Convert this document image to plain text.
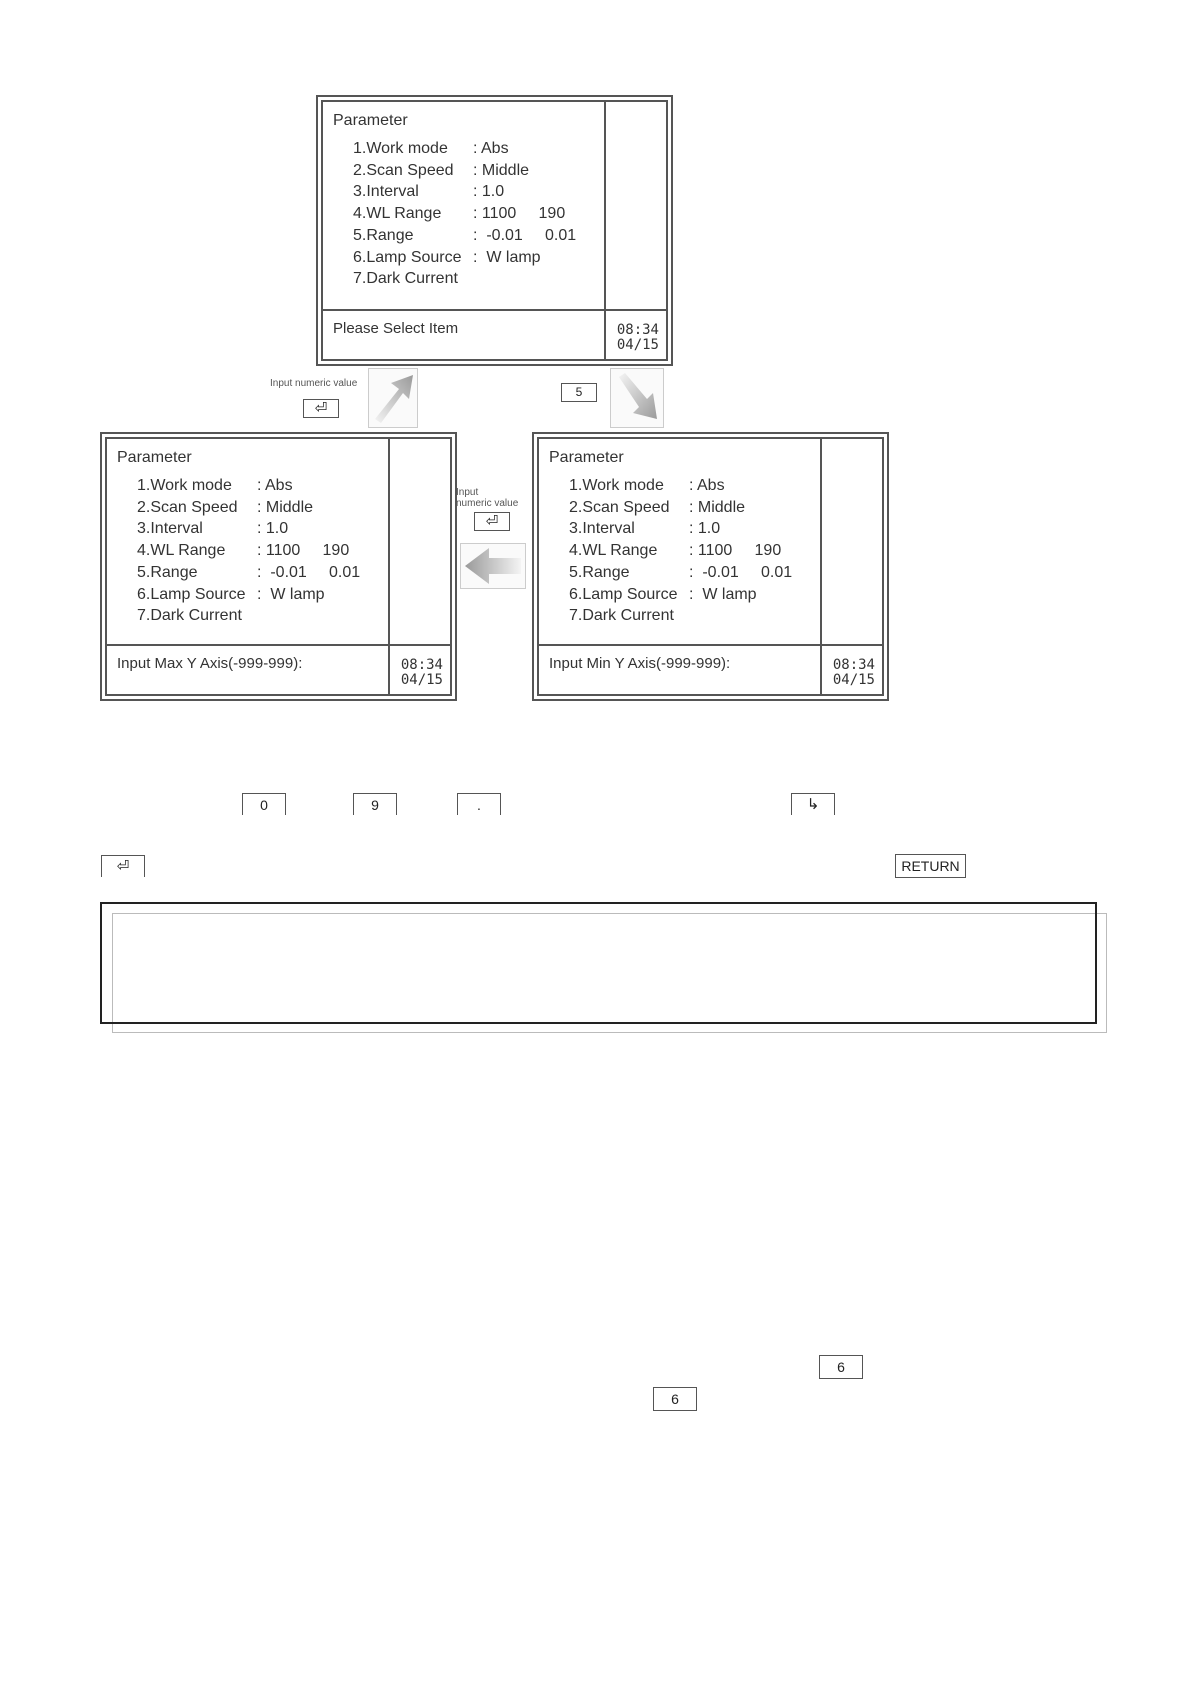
Parameter
1.Work mode	: Abs
2.Scan Speed	: Middle
3.Interval	: 1.0
4.WL Range	: 1100     190
5.Range	:  -0.01     0.01
6.Lamp Source :  W lamp
7.Dark Current
Please Select Item	08:34
04/15
Input numeric value
⏎
5
Parameter
1.Work mode	: Abs
2.Scan Speed	: Middle
3.Interval	: 1.0
4.WL Range	: 1100     190
5.Range	:  -0.01     0.01
6.Lamp Source :  W lamp
7.Dark Current
Input Max Y Axis(-999-999):	08:34
04/15
Input
numeric value
⏎
Parameter
1.Work mode	: Abs
2.Scan Speed	: Middle
3.Interval	: 1.0
4.WL Range	: 1100     190
5.Range	:  -0.01     0.01
6.Lamp Source :  W lamp
7.Dark Current
Input Min Y Axis(-999-999):	08:34
04/15
0	9	.	↳
⏎	RETURN
6
6
